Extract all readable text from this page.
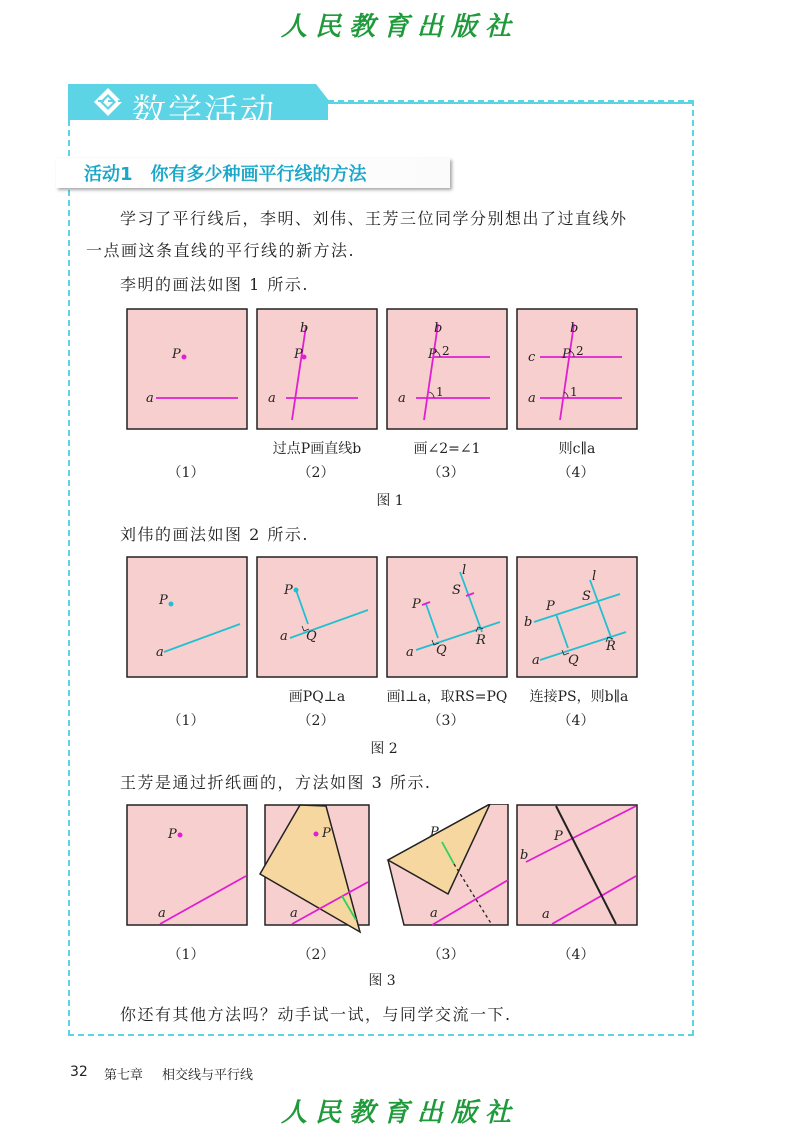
人民教育出版社
数学活动
活动1　你有多少种画平行线的方法
学习了平行线后，李明、刘伟、王芳三位同学分别想出了过直线外
一点画这条直线的平行线的新方法.
李明的画法如图 1 所示.
P
a
P
b
a
P
b
2
1
a
P
b
2
1
c
a
过点P画直线b	画∠2=∠1	则c∥a
（1）	（2）	（3）	（4）
图 1
刘伟的画法如图 2 所示.
P
a
P
Q
a
P
S
l
Q
R
a
P
S
l
Q
R
b
a
画PQ⊥a	画l⊥a，取RS=PQ	连接PS，则b∥a
（1）	（2）	（3）	（4）
图 2
王芳是通过折纸画的，方法如图 3 所示.
P
a
P
a
P
a
P
b
a
（1）	（2）	（3）	（4）
图 3
你还有其他方法吗？动手试一试，与同学交流一下.
32 第七章 相交线与平行线
人民教育出版社
